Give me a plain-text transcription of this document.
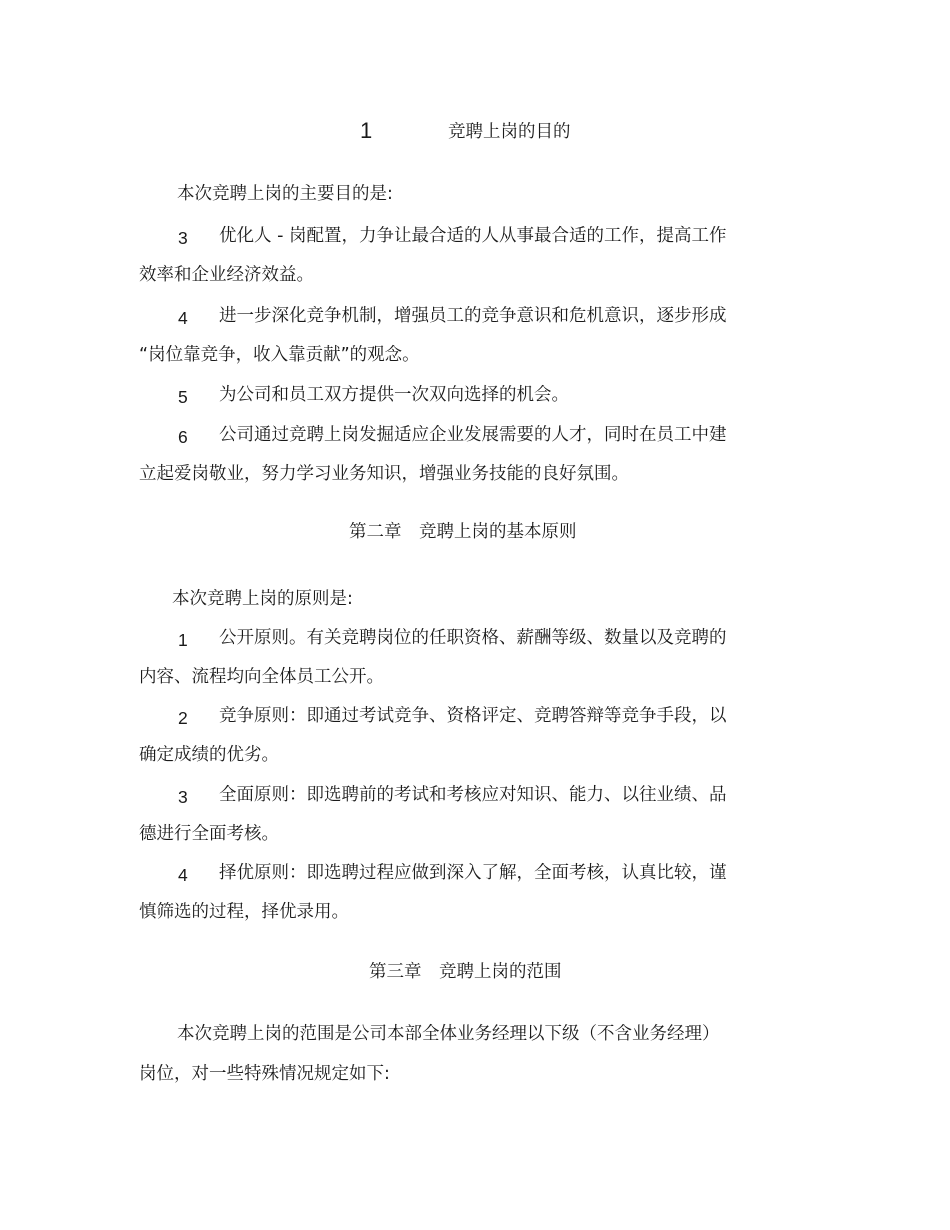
1	竞聘上岗的目的
本次竞聘上岗的主要目的是:
3 优化人 - 岗配置，力争让最合适的人从事最合适的工作，提高工作
效率和企业经济效益。
4 进一步深化竞争机制，增强员工的竞争意识和危机意识，逐步形成
“岗位靠竞争，收入靠贡献”的观念。
5 为公司和员工双方提供一次双向选择的机会。
6 公司通过竞聘上岗发掘适应企业发展需要的人才，同时在员工中建
立起爱岗敬业，努力学习业务知识，增强业务技能的良好氛围。
第二章　竞聘上岗的基本原则
本次竞聘上岗的原则是:
1 公开原则。有关竞聘岗位的任职资格、薪酬等级、数量以及竞聘的
内容、流程均向全体员工公开。
2 竞争原则：即通过考试竞争、资格评定、竞聘答辩等竞争手段，以
确定成绩的优劣。
3 全面原则：即选聘前的考试和考核应对知识、能力、以往业绩、品
德进行全面考核。
4 择优原则：即选聘过程应做到深入了解，全面考核，认真比较，谨
慎筛选的过程，择优录用。
第三章　竞聘上岗的范围
本次竞聘上岗的范围是公司本部全体业务经理以下级（不含业务经理）
岗位，对一些特殊情况规定如下:
